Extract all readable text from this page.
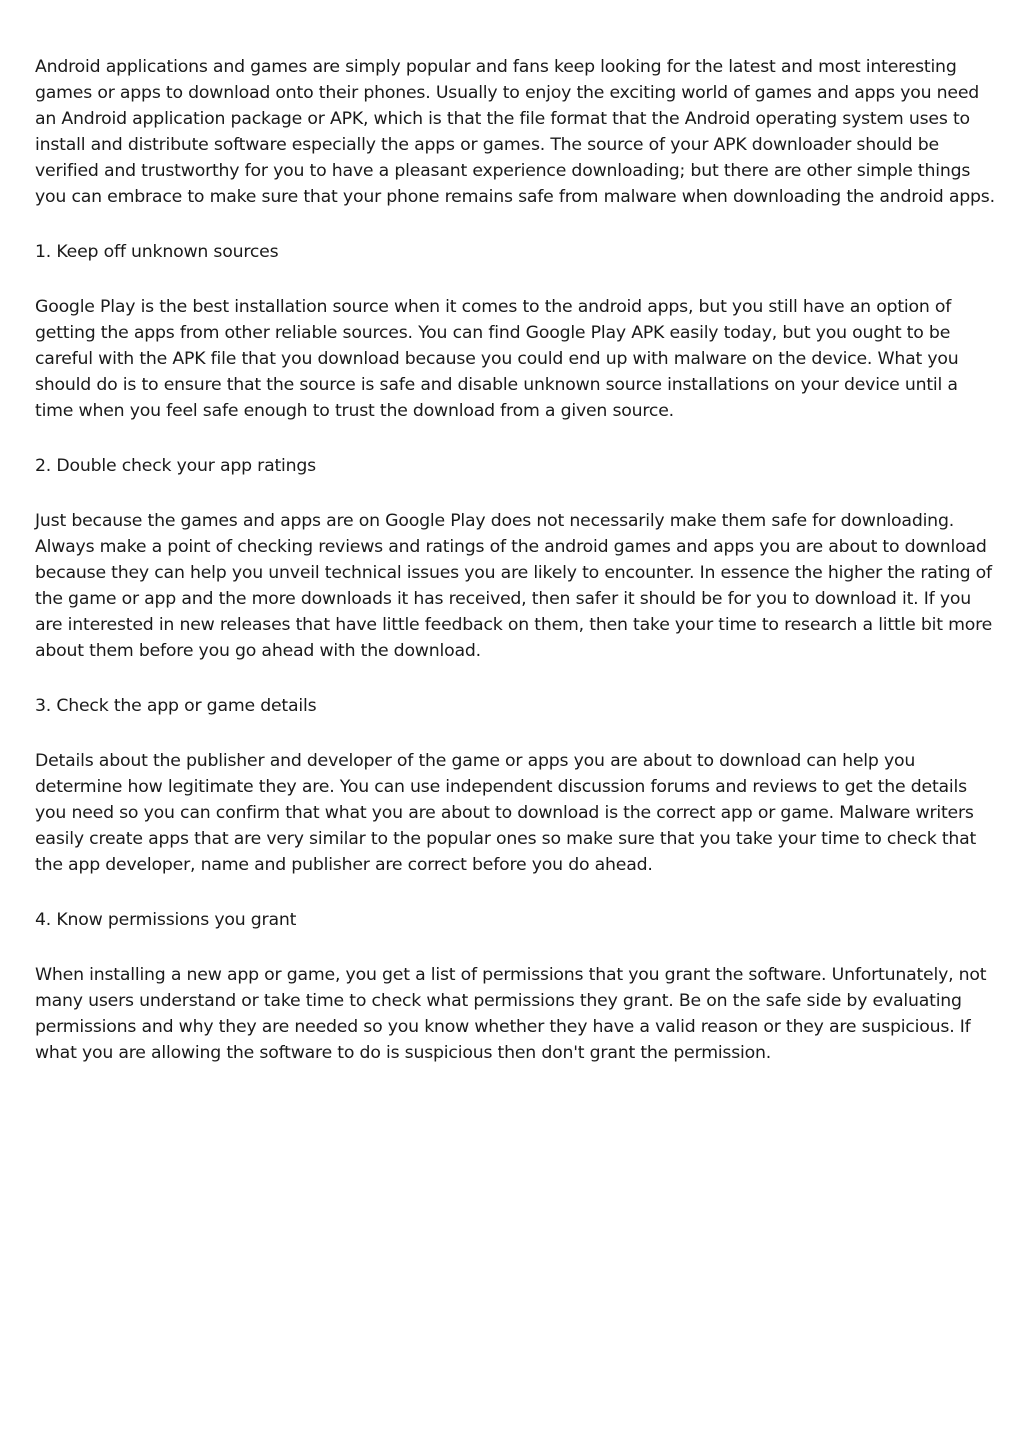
Android applications and games are simply popular and fans keep looking for the latest and most interesting games or apps to download onto their phones. Usually to enjoy the exciting world of games and apps you need an Android application package or APK, which is that the file format that the Android operating system uses to install and distribute software especially the apps or games. The source of your APK downloader should be verified and trustworthy for you to have a pleasant experience downloading; but there are other simple things you can embrace to make sure that your phone remains safe from malware when downloading the android apps.

1. Keep off unknown sources

Google Play is the best installation source when it comes to the android apps, but you still have an option of getting the apps from other reliable sources. You can find Google Play APK easily today, but you ought to be careful with the APK file that you download because you could end up with malware on the device. What you should do is to ensure that the source is safe and disable unknown source installations on your device until a time when you feel safe enough to trust the download from a given source.

2. Double check your app ratings

Just because the games and apps are on Google Play does not necessarily make them safe for downloading. Always make a point of checking reviews and ratings of the android games and apps you are about to download because they can help you unveil technical issues you are likely to encounter. In essence the higher the rating of the game or app and the more downloads it has received, then safer it should be for you to download it. If you are interested in new releases that have little feedback on them, then take your time to research a little bit more about them before you go ahead with the download.

3. Check the app or game details

Details about the publisher and developer of the game or apps you are about to download can help you determine how legitimate they are. You can use independent discussion forums and reviews to get the details you need so you can confirm that what you are about to download is the correct app or game. Malware writers easily create apps that are very similar to the popular ones so make sure that you take your time to check that the app developer, name and publisher are correct before you do ahead.

4. Know permissions you grant

When installing a new app or game, you get a list of permissions that you grant the software. Unfortunately, not many users understand or take time to check what permissions they grant. Be on the safe side by evaluating permissions and why they are needed so you know whether they have a valid reason or they are suspicious. If what you are allowing the software to do is suspicious then don't grant the permission.
